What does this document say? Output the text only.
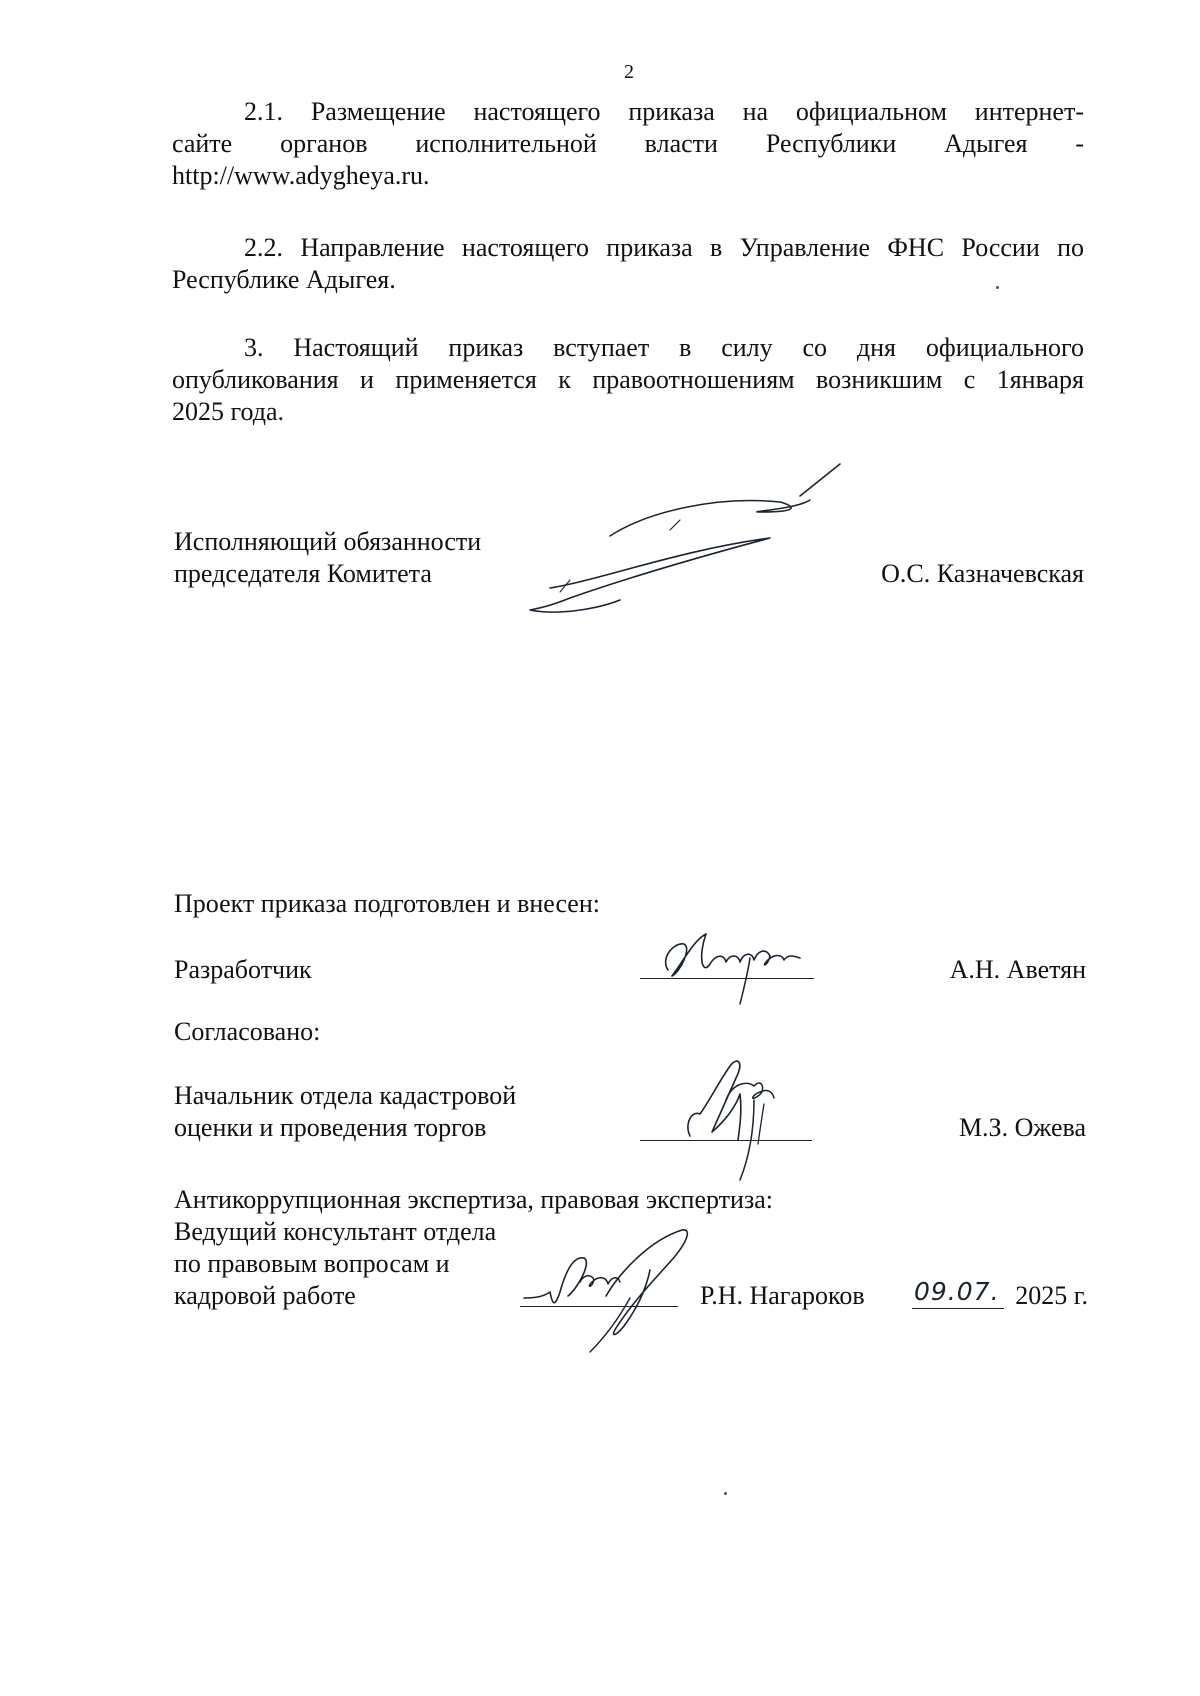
2
2.1. Размещение настоящего приказа на официальном интернет-
сайте органов исполнительной власти Республики Адыгея -
http://www.adygheya.ru.
2.2. Направление настоящего приказа в Управление ФНС России по
Республике Адыгея.
3. Настоящий приказ вступает в силу со дня официального
опубликования и применяется к правоотношениям возникшим с 1января
2025 года.
Исполняющий обязанности
председателя Комитета	О.С. Казначевская
Проект приказа подготовлен и внесен:
Разработчик	А.Н. Аветян
Согласовано:
Начальник отдела кадастровой
оценки и проведения торгов	М.З. Ожева
Антикоррупционная экспертиза, правовая экспертиза:
Ведущий консультант отдела
по правовым вопросам и
кадровой работе	Р.Н. Нагароков 09.07. 2025 г.
